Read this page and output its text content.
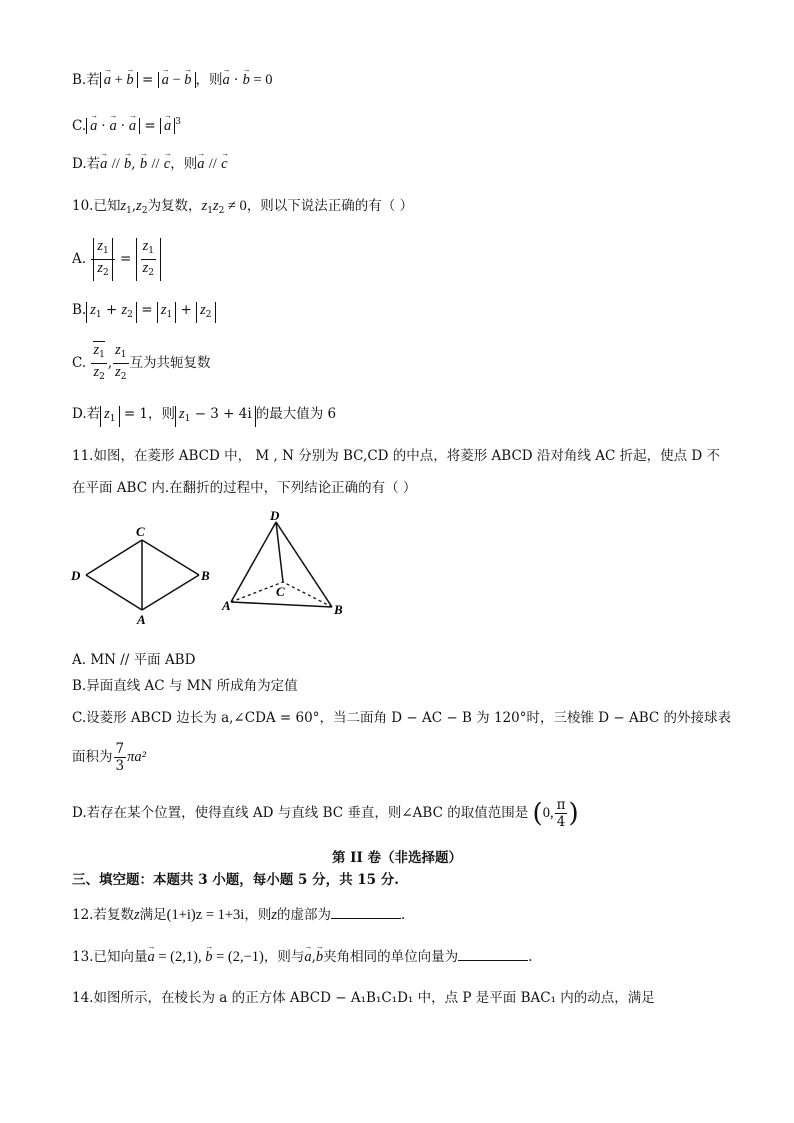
B.若 → a + → b = → a − → b ，则→ a · → b = 0
C. → a · → a · → a = → a $^3$
D.若→ a // → b, → b // → c，则→ a // → c
10.已知$z_1,z_2$为复数，$z_1z_2 \ne 0$，则以下说法正确的有（ ）
A. $\frac{z_1}{z_2} = \frac{z_1}{z_2}$
B. $z_1 + z_2 = z_1 + z_2$
C. $\frac{z_1}{z_2}$ , $\frac{z_1}{z_2}$ 互为共轭复数
D.若 $z_1 = 1$，则 $z_1 - 3 + 4i$ 的最大值为 6
11.如图，在菱形 ABCD 中， M , N 分别为 BC,CD 的中点，将菱形 ABCD 沿对角线 AC 折起，使点 D 不
在平面 ABC 内.在翻折的过程中，下列结论正确的有（ ）
C
D	B
A
D
C
A	B
A. MN // 平面 ABD
B.异面直线 AC 与 MN 所成角为定值
C.设菱形 ABCD 边长为 a,∠CDA = 60°，当二面角 D − AC − B 为 120°时，三棱锥 D − ABC 的外接球表
面积为 $\frac{7}{3} \pi a^2$
D.若存在某个位置，使得直线 AD 与直线 BC 垂直，则∠ABC 的取值范围是 (0, $\frac{\pi}{4}$ )
第 II 卷（非选择题）
三、填空题：本题共 3 小题，每小题 5 分，共 15 分.
12.若复数z满足(1+i)z = 1+3i，则z的虚部为	.
13.已知向量→ a = (2,1), → b = (2,−1)，则与→ a,→ b夹角相同的单位向量为	.
14.如图所示，在棱长为 a 的正方体 ABCD − A₁B₁C₁D₁ 中，点 P 是平面 BAC₁ 内的动点，满足
